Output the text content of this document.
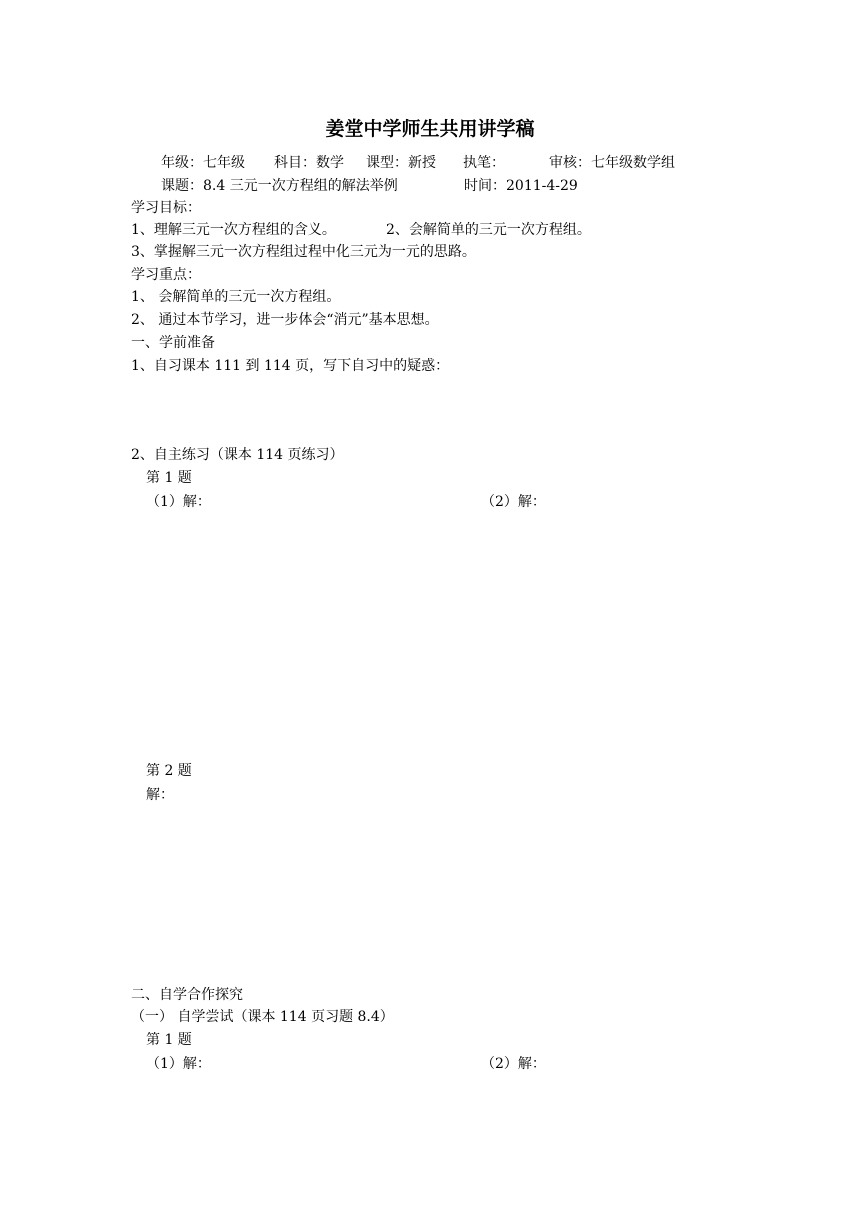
姜堂中学师生共用讲学稿
年级：七年级 科目：数学 课型：新授 执笔：	审核：七年级数学组
课题：8.4 三元一次方程组的解法举例	时间：2011-4-29
学习目标：
1、理解三元一次方程组的含义。	2、会解简单的三元一次方程组。
3、掌握解三元一次方程组过程中化三元为一元的思路。
学习重点：
1、 会解简单的三元一次方程组。
2、 通过本节学习，进一步体会“消元”基本思想。
一、学前准备
1、自习课本 111 到 114 页，写下自习中的疑惑：
2、自主练习（课本 114 页练习）
第 1 题
（1）解：	（2）解：
第 2 题
解：
二、自学合作探究
（一） 自学尝试（课本 114 页习题 8.4）
第 1 题
（1）解：	（2）解：
